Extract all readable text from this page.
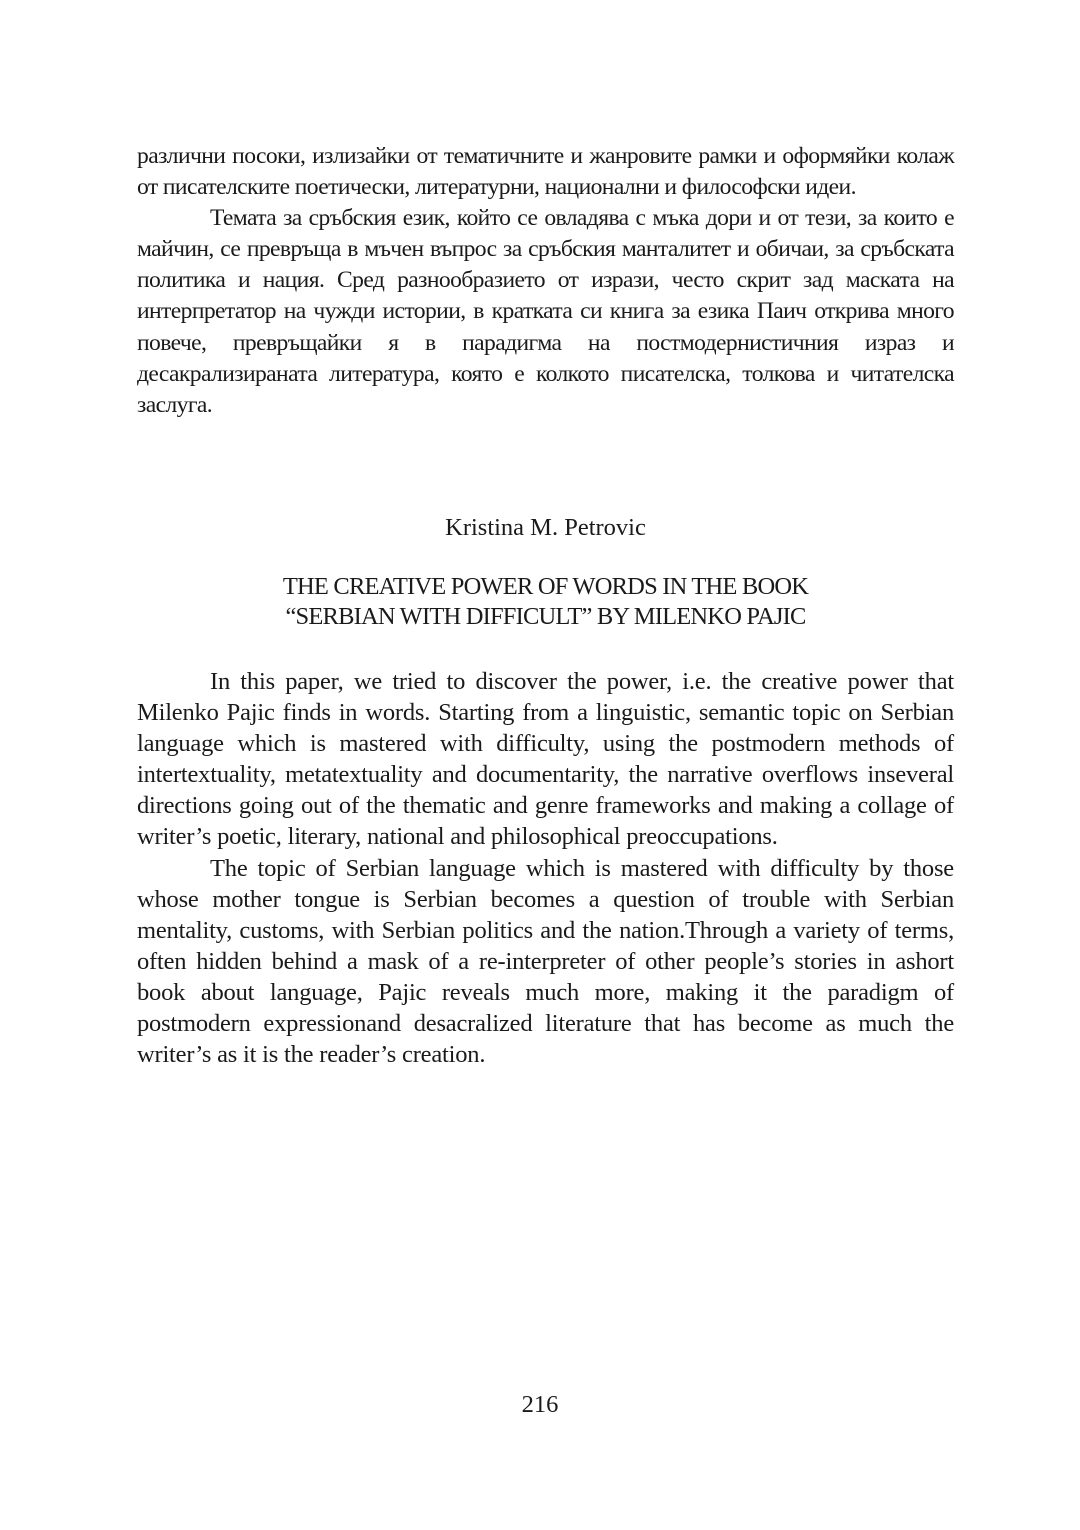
различни посоки, излизайки от тематичните и жанровите рамки и оформяйки колаж от писателските поетически, литературни, национални и философски идеи.

Темата за сръбския език, който се овладява с мъка дори и от тези, за които е майчин, се превръща в мъчен въпрос за сръбския манталитет и обичаи, за сръбската политика и нация. Сред разнообразието от изрази, често скрит зад маската на интерпретатор на чужди истории, в кратката си книга за езика Паич открива много повече, превръщайки я в парадигма на постмодернистичния израз и десакрализираната литература, която е колкото писателска, толкова и читателска заслуга.

Kristina M. Petrovic
THE CREATIVE POWER OF WORDS IN THE BOOK
“SERBIAN WITH DIFFICULT” BY MILENKO PAJIC

In this paper, we tried to discover the power, i.e. the creative power that Milenko Pajic finds in words. Starting from a linguistic, semantic topic on Serbian language which is mastered with difficulty, using the postmodern methods of intertextuality, metatextuality and documentarity, the narrative overflows inseveral directions going out of the thematic and genre frameworks and making a collage of writer’s poetic, literary, national and philosophical preoccupations.

The topic of Serbian language which is mastered with difficulty by those whose mother tongue is Serbian becomes a question of trouble with Serbian mentality, customs, with Serbian politics and the nation.Through a variety of terms, often hidden behind a mask of a re-interpreter of other people’s stories in ashort book about language, Pajic reveals much more, making it the paradigm of postmodern expressionand desacralized literature that has become as much the writer’s as it is the reader’s creation.

216
